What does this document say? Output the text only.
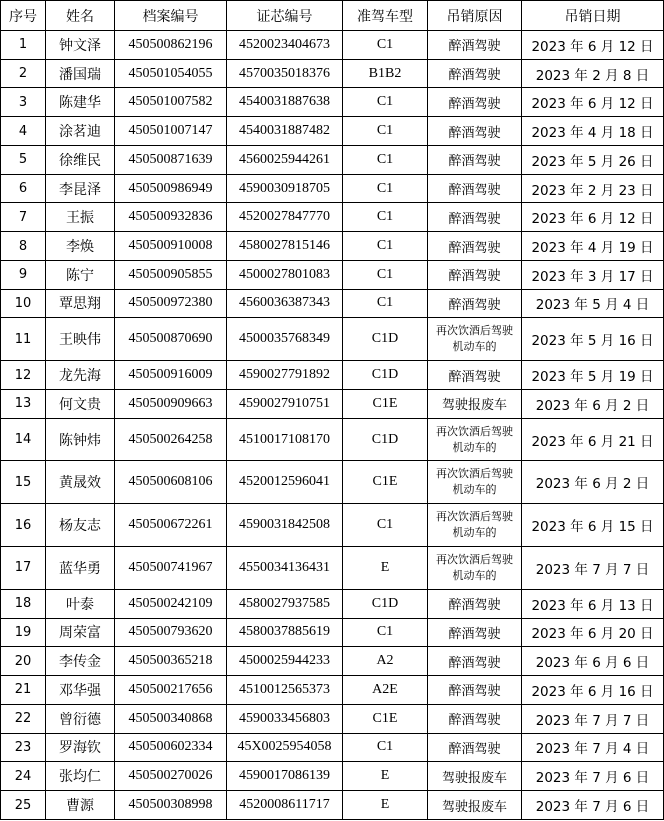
序号	姓名	档案编号	证芯编号	准驾车型	吊销原因	吊销日期
1	钟文泽	450500862196	4520023404673	C1	醉酒驾驶	2023 年 6 月 12 日
2	潘国瑞	450501054055	4570035018376	B1B2	醉酒驾驶	2023 年 2 月 8 日
3	陈建华	450501007582	4540031887638	C1	醉酒驾驶	2023 年 6 月 12 日
4	涂茗迪	450501007147	4540031887482	C1	醉酒驾驶	2023 年 4 月 18 日
5	徐维民	450500871639	4560025944261	C1	醉酒驾驶	2023 年 5 月 26 日
6	李昆泽	450500986949	4590030918705	C1	醉酒驾驶	2023 年 2 月 23 日
7	王振	450500932836	4520027847770	C1	醉酒驾驶	2023 年 6 月 12 日
8	李焕	450500910008	4580027815146	C1	醉酒驾驶	2023 年 4 月 19 日
9	陈宁	450500905855	4500027801083	C1	醉酒驾驶	2023 年 3 月 17 日
10	覃思翔	450500972380	4560036387343	C1	醉酒驾驶	2023 年 5 月 4 日
11	王映伟	450500870690	4500035768349	C1D	再次饮酒后驾驶机动车的	2023 年 5 月 16 日
12	龙先海	450500916009	4590027791892	C1D	醉酒驾驶	2023 年 5 月 19 日
13	何文贵	450500909663	4590027910751	C1E	驾驶报废车	2023 年 6 月 2 日
14	陈钟炜	450500264258	4510017108170	C1D	再次饮酒后驾驶机动车的	2023 年 6 月 21 日
15	黄晟效	450500608106	4520012596041	C1E	再次饮酒后驾驶机动车的	2023 年 6 月 2 日
16	杨友志	450500672261	4590031842508	C1	再次饮酒后驾驶机动车的	2023 年 6 月 15 日
17	蓝华勇	450500741967	4550034136431	E	再次饮酒后驾驶机动车的	2023 年 7 月 7 日
18	叶泰	450500242109	4580027937585	C1D	醉酒驾驶	2023 年 6 月 13 日
19	周荣富	450500793620	4580037885619	C1	醉酒驾驶	2023 年 6 月 20 日
20	李传金	450500365218	4500025944233	A2	醉酒驾驶	2023 年 6 月 6 日
21	邓华强	450500217656	4510012565373	A2E	醉酒驾驶	2023 年 6 月 16 日
22	曾衍德	450500340868	4590033456803	C1E	醉酒驾驶	2023 年 7 月 7 日
23	罗海钦	450500602334	45X0025954058	C1	醉酒驾驶	2023 年 7 月 4 日
24	张均仁	450500270026	4590017086139	E	驾驶报废车	2023 年 7 月 6 日
25	曹源	450500308998	4520008611717	E	驾驶报废车	2023 年 7 月 6 日
